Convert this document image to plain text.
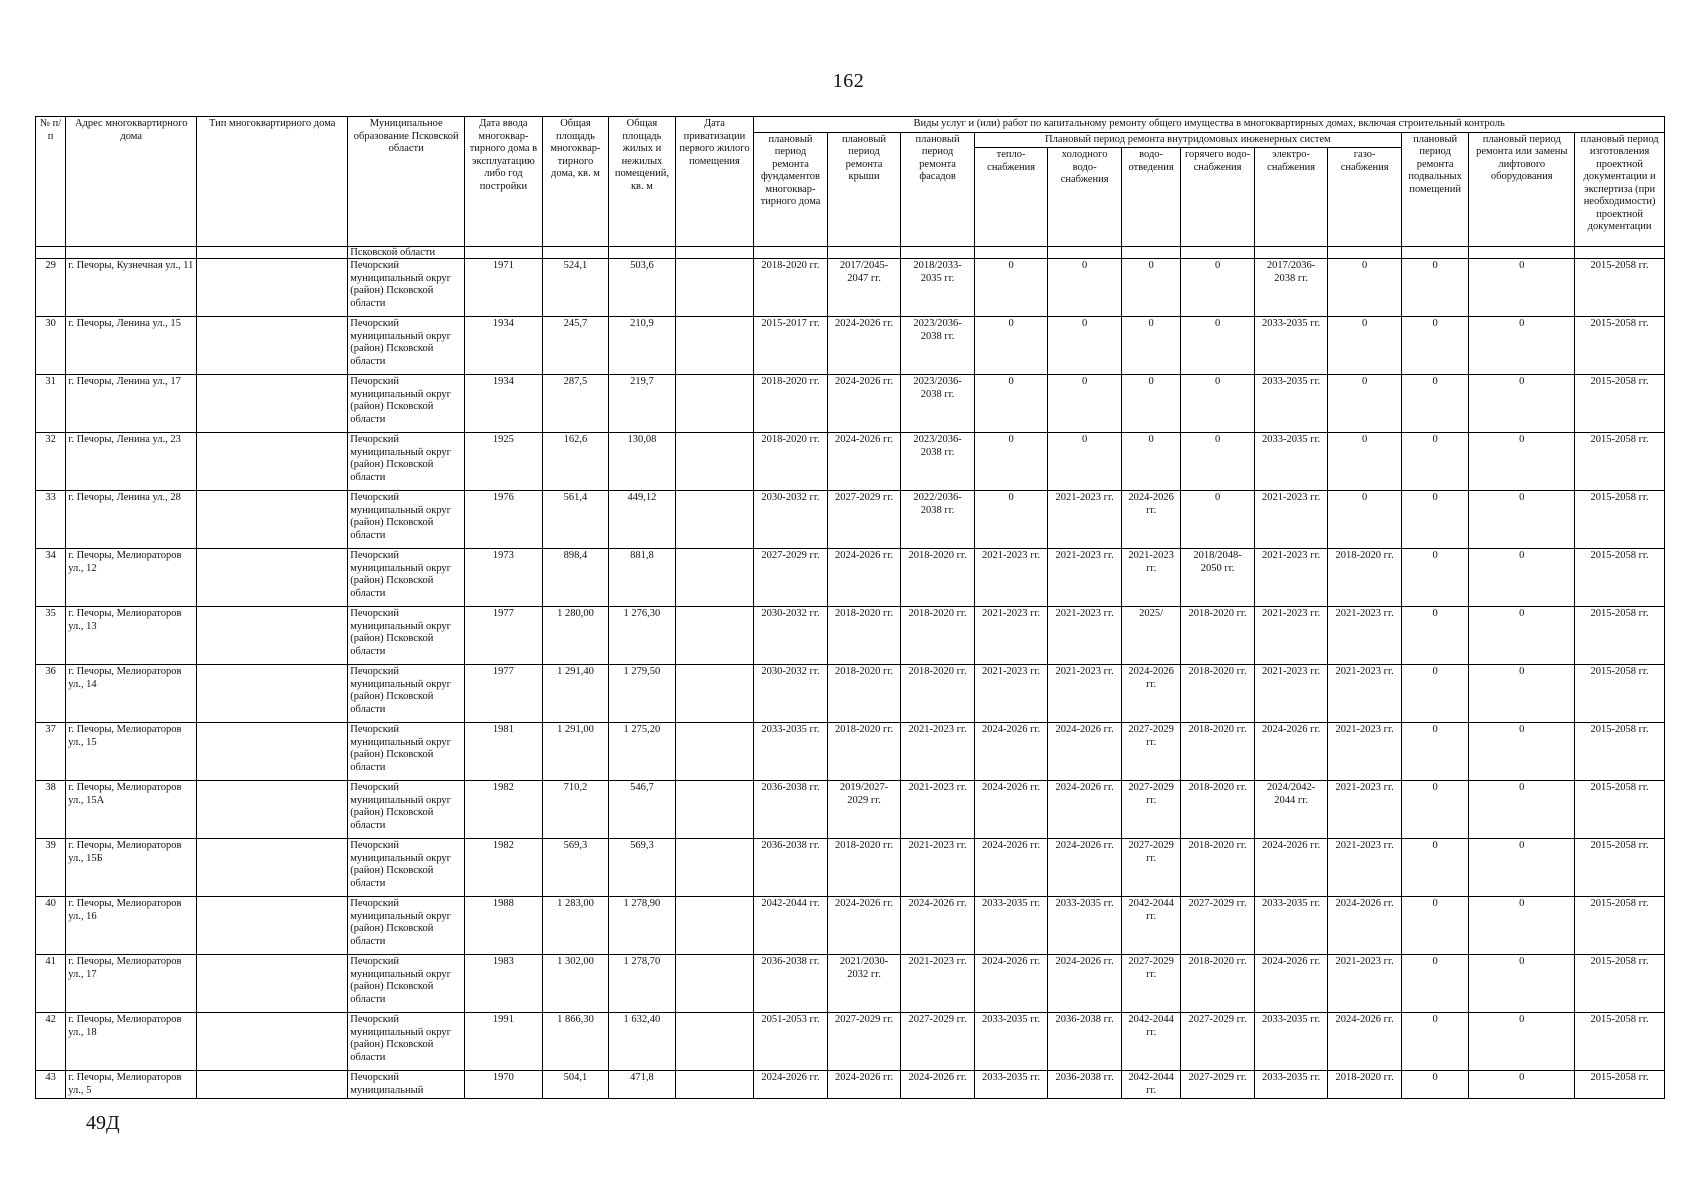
162
№ п/п	Адрес многоквартирного дома	Тип многоквартирного дома	Муниципальное образование Псковской области	Дата ввода многоквар-тирного дома в эксплуатацию либо год постройки	Общая площадь многоквар-тирного дома, кв. м	Общая площадь жилых и нежилых помещений, кв. м	Дата приватизации первого жилого помещения	Виды услуг и (или) работ по капитальному ремонту общего имущества в многоквартирных домах, включая строительный контроль											
								плановый период ремонта фундаментов многоквар-тирного дома	плановый период ремонта крыши	плановый период ремонта фасадов	Плановый период ремонта внутридомовых инженерных систем						плановый период ремонта подвальных помещений	плановый период ремонта или замены лифтового оборудования	плановый период изготовления проектной документации и экспертиза (при необходимости) проектной документации
											тепло-снабжения	холодного водо-снабжения	водо-отведения	горячего водо-снабжения	электро-снабжения	газо-снабжения			
			Псковской области																
29	г. Печоры, Кузнечная ул., 11		Печорский муниципальный округ (район) Псковской области	1971	524,1	503,6		2018-2020 гг.	2017/2045-2047 гг.	2018/2033-2035 гг.	0	0	0	0	2017/2036-2038 гг.	0	0	0	2015-2058 гг.
30	г. Печоры, Ленина ул., 15		Печорский муниципальный округ (район) Псковской области	1934	245,7	210,9		2015-2017 гг.	2024-2026 гг.	2023/2036-2038 гг.	0	0	0	0	2033-2035 гг.	0	0	0	2015-2058 гг.
31	г. Печоры, Ленина ул., 17		Печорский муниципальный округ (район) Псковской области	1934	287,5	219,7		2018-2020 гг.	2024-2026 гг.	2023/2036-2038 гг.	0	0	0	0	2033-2035 гг.	0	0	0	2015-2058 гг.
32	г. Печоры, Ленина ул., 23		Печорский муниципальный округ (район) Псковской области	1925	162,6	130,08		2018-2020 гг.	2024-2026 гг.	2023/2036-2038 гг.	0	0	0	0	2033-2035 гг.	0	0	0	2015-2058 гг.
33	г. Печоры, Ленина ул., 28		Печорский муниципальный округ (район) Псковской области	1976	561,4	449,12		2030-2032 гг.	2027-2029 гг.	2022/2036-2038 гг.	0	2021-2023 гг.	2024-2026 гг.	0	2021-2023 гг.	0	0	0	2015-2058 гг.
34	г. Печоры, Мелиораторов ул., 12		Печорский муниципальный округ (район) Псковской области	1973	898,4	881,8		2027-2029 гг.	2024-2026 гг.	2018-2020 гг.	2021-2023 гг.	2021-2023 гг.	2021-2023 гг.	2018/2048-2050 гг.	2021-2023 гг.	2018-2020 гг.	0	0	2015-2058 гг.
35	г. Печоры, Мелиораторов ул., 13		Печорский муниципальный округ (район) Псковской области	1977	1 280,00	1 276,30		2030-2032 гг.	2018-2020 гг.	2018-2020 гг.	2021-2023 гг.	2021-2023 гг.	2025/	2018-2020 гг.	2021-2023 гг.	2021-2023 гг.	0	0	2015-2058 гг.
36	г. Печоры, Мелиораторов ул., 14		Печорский муниципальный округ (район) Псковской области	1977	1 291,40	1 279,50		2030-2032 гг.	2018-2020 гг.	2018-2020 гг.	2021-2023 гг.	2021-2023 гг.	2024-2026 гг.	2018-2020 гг.	2021-2023 гг.	2021-2023 гг.	0	0	2015-2058 гг.
37	г. Печоры, Мелиораторов ул., 15		Печорский муниципальный округ (район) Псковской области	1981	1 291,00	1 275,20		2033-2035 гг.	2018-2020 гг.	2021-2023 гг.	2024-2026 гг.	2024-2026 гг.	2027-2029 гг.	2018-2020 гг.	2024-2026 гг.	2021-2023 гг.	0	0	2015-2058 гг.
38	г. Печоры, Мелиораторов ул., 15А		Печорский муниципальный округ (район) Псковской области	1982	710,2	546,7		2036-2038 гг.	2019/2027-2029 гг.	2021-2023 гг.	2024-2026 гг.	2024-2026 гг.	2027-2029 гг.	2018-2020 гг.	2024/2042-2044 гг.	2021-2023 гг.	0	0	2015-2058 гг.
39	г. Печоры, Мелиораторов ул., 15Б		Печорский муниципальный округ (район) Псковской области	1982	569,3	569,3		2036-2038 гг.	2018-2020 гг.	2021-2023 гг.	2024-2026 гг.	2024-2026 гг.	2027-2029 гг.	2018-2020 гг.	2024-2026 гг.	2021-2023 гг.	0	0	2015-2058 гг.
40	г. Печоры, Мелиораторов ул., 16		Печорский муниципальный округ (район) Псковской области	1988	1 283,00	1 278,90		2042-2044 гг.	2024-2026 гг.	2024-2026 гг.	2033-2035 гг.	2033-2035 гг.	2042-2044 гг.	2027-2029 гг.	2033-2035 гг.	2024-2026 гг.	0	0	2015-2058 гг.
41	г. Печоры, Мелиораторов ул., 17		Печорский муниципальный округ (район) Псковской области	1983	1 302,00	1 278,70		2036-2038 гг.	2021/2030-2032 гг.	2021-2023 гг.	2024-2026 гг.	2024-2026 гг.	2027-2029 гг.	2018-2020 гг.	2024-2026 гг.	2021-2023 гг.	0	0	2015-2058 гг.
42	г. Печоры, Мелиораторов ул., 18		Печорский муниципальный округ (район) Псковской области	1991	1 866,30	1 632,40		2051-2053 гг.	2027-2029 гг.	2027-2029 гг.	2033-2035 гг.	2036-2038 гг.	2042-2044 гг.	2027-2029 гг.	2033-2035 гг.	2024-2026 гг.	0	0	2015-2058 гг.
43	г. Печоры, Мелиораторов ул., 5		Печорский муниципальный	1970	504,1	471,8		2024-2026 гг.	2024-2026 гг.	2024-2026 гг.	2033-2035 гг.	2036-2038 гг.	2042-2044 гг.	2027-2029 гг.	2033-2035 гг.	2018-2020 гг.	0	0	2015-2058 гг.
49Д
